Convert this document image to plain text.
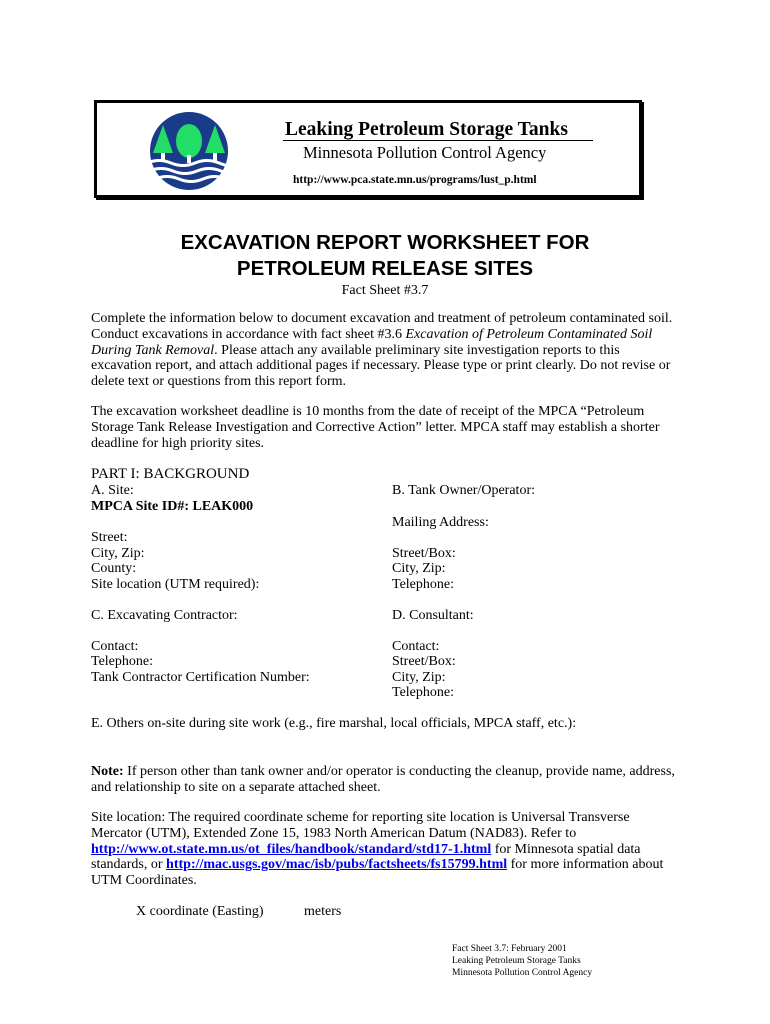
Leaking Petroleum Storage Tanks
Minnesota Pollution Control Agency
http://www.pca.state.mn.us/programs/lust_p.html
EXCAVATION REPORT WORKSHEET FOR
PETROLEUM RELEASE SITES
Fact Sheet #3.7
Complete the information below to document excavation and treatment of petroleum contaminated soil. Conduct excavations in accordance with fact sheet #3.6 Excavation of Petroleum Contaminated Soil During Tank Removal. Please attach any available preliminary site investigation reports to this excavation report, and attach additional pages if necessary. Please type or print clearly. Do not revise or delete text or questions from this report form.
The excavation worksheet deadline is 10 months from the date of receipt of the MPCA “Petroleum Storage Tank Release Investigation and Corrective Action” letter. MPCA staff may establish a shorter deadline for high priority sites.
PART I: BACKGROUND
A. Site:
MPCA Site ID#: LEAK000
Street:
City, Zip:
County:
Site location (UTM required):
B. Tank Owner/Operator:
Mailing Address:
Street/Box:
City, Zip:
Telephone:
C. Excavating Contractor:
Contact:
Telephone:
Tank Contractor Certification Number:
D. Consultant:
Contact:
Street/Box:
City, Zip:
Telephone:
E. Others on-site during site work (e.g., fire marshal, local officials, MPCA staff, etc.):
Note: If person other than tank owner and/or operator is conducting the cleanup, provide name, address, and relationship to site on a separate attached sheet.
Site location: The required coordinate scheme for reporting site location is Universal Transverse Mercator (UTM), Extended Zone 15, 1983 North American Datum (NAD83). Refer to http://www.ot.state.mn.us/ot_files/handbook/standard/std17-1.html for Minnesota spatial data standards, or http://mac.usgs.gov/mac/isb/pubs/factsheets/fs15799.html for more information about UTM Coordinates.
X coordinate (Easting)	meters
Fact Sheet 3.7: February 2001
Leaking Petroleum Storage Tanks
Minnesota Pollution Control Agency
